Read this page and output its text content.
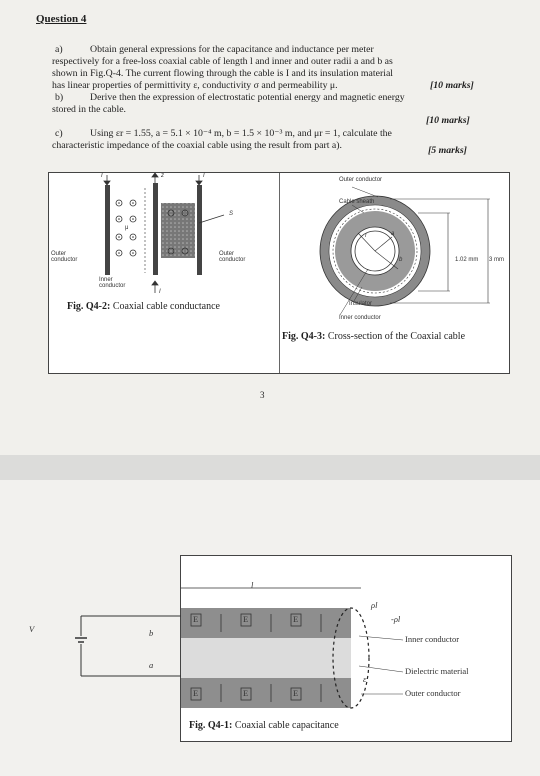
Question 4
a)	Obtain general expressions for the capacitance and inductance per meter
respectively for a free-loss coaxial cable of length l and inner and outer radii a and b as
shown in Fig.Q-4. The current flowing through the cable is I and its insulation material
has linear properties of permittivity ε, conductivity σ and permeability μ.	[10 marks]
b)	Derive then the expression of electrostatic potential energy and magnetic energy
stored in the cable.
[10 marks]
c)	Using εr = 1.55, a = 5.1 × 10⁻⁴ m, b = 1.5 × 10⁻³ m, and μr = 1, calculate the
characteristic impedance of the coaxial cable using the result from part a).	[5 marks]
I	z	I
S
μ
Outer conductor
Outer conductor
Inner conductor
I
Fig. Q4-2: Coaxial cable conductance
Outer conductor
Cable sheath
Insulator
Inner conductor
1.02 mm 3 mm
r	a
b
Fig. Q4-3: Cross-section of the Coaxial cable
3
V
l
ρl
-ρl
Inner conductor
Dielectric material
Outer conductor
b
a
ε
E	E	E
E	E	E
Fig. Q4-1: Coaxial cable capacitance
